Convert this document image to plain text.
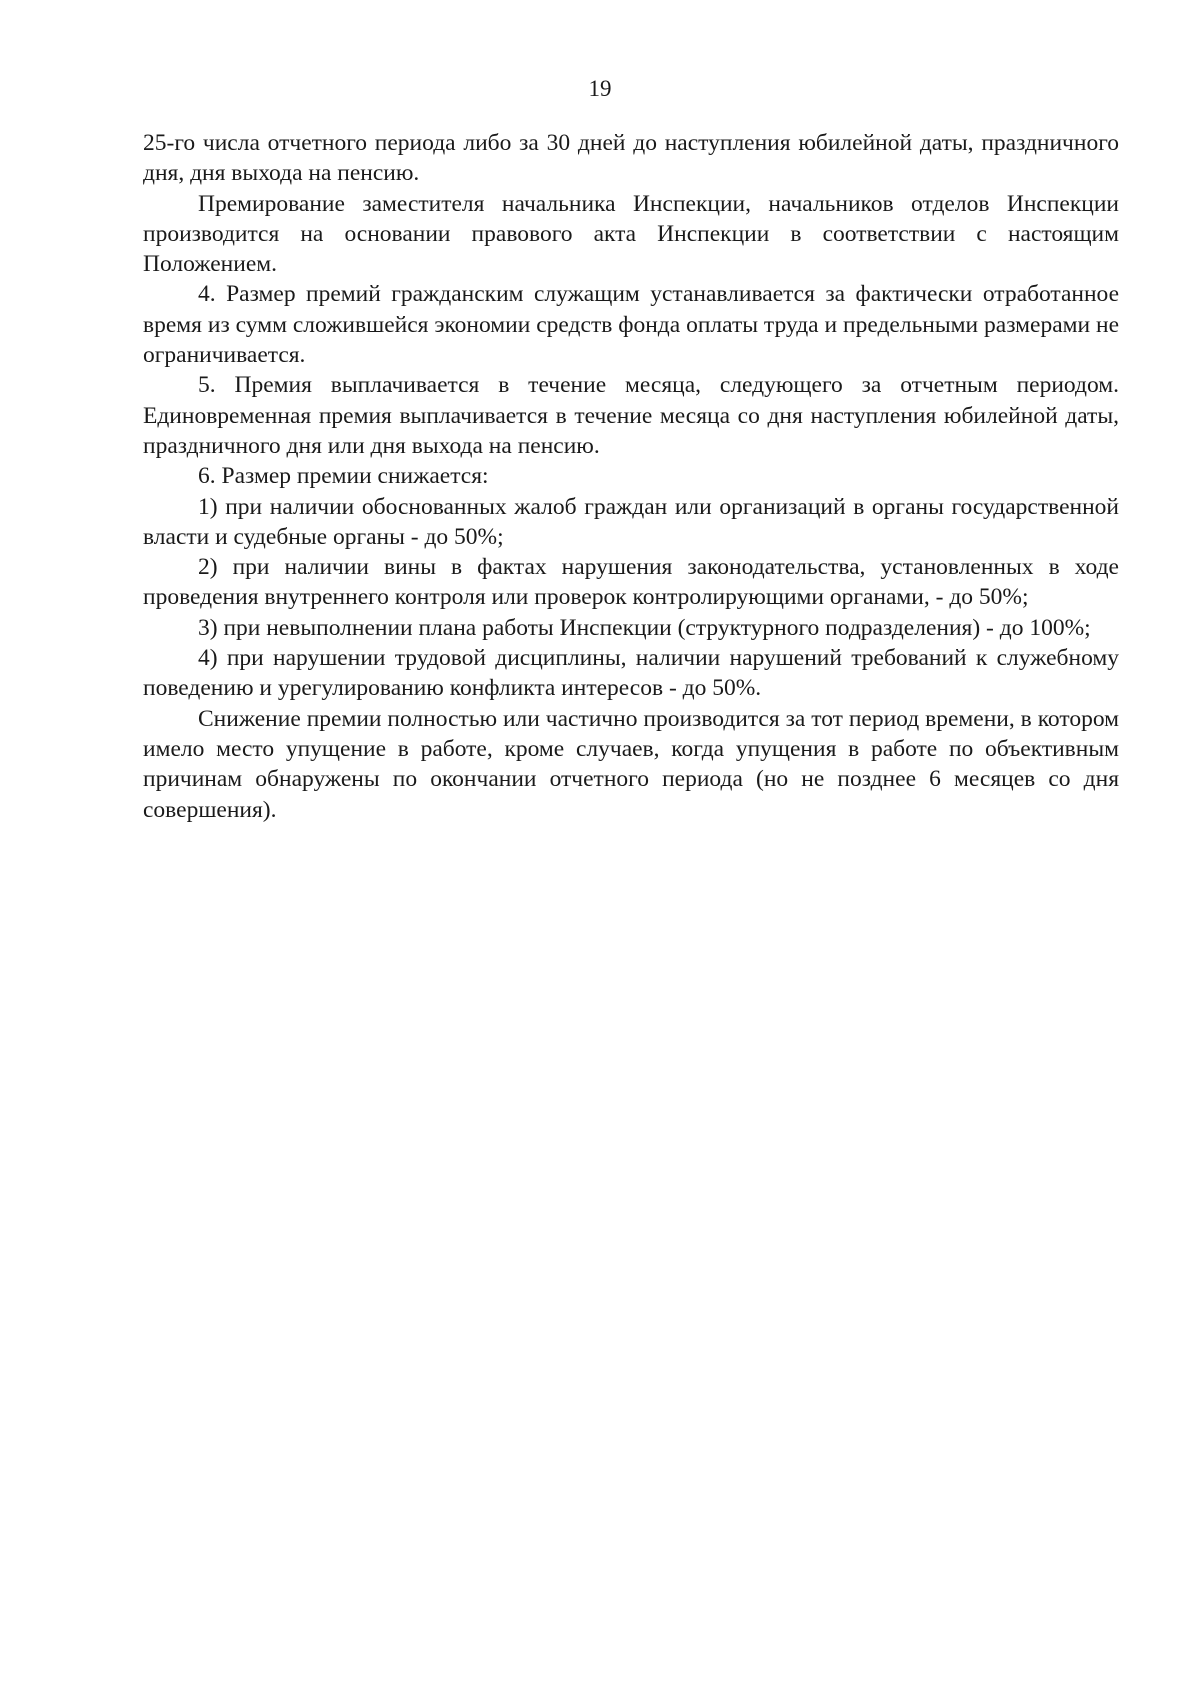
19

25-го числа отчетного периода либо за 30 дней до наступления юбилейной даты, праздничного дня, дня выхода на пенсию.

Премирование заместителя начальника Инспекции, начальников отделов Инспекции производится на основании правового акта Инспекции в соответствии с настоящим Положением.

4. Размер премий гражданским служащим устанавливается за фактически отработанное время из сумм сложившейся экономии средств фонда оплаты труда и предельными размерами не ограничивается.

5. Премия выплачивается в течение месяца, следующего за отчетным периодом. Единовременная премия выплачивается в течение месяца со дня наступления юбилейной даты, праздничного дня или дня выхода на пенсию.

6. Размер премии снижается:

1) при наличии обоснованных жалоб граждан или организаций в органы государственной власти и судебные органы - до 50%;

2) при наличии вины в фактах нарушения законодательства, установленных в ходе проведения внутреннего контроля или проверок контролирующими органами, - до 50%;

3) при невыполнении плана работы Инспекции (структурного подразделения) - до 100%;

4) при нарушении трудовой дисциплины, наличии нарушений требований к служебному поведению и урегулированию конфликта интересов - до 50%.

Снижение премии полностью или частично производится за тот период времени, в котором имело место упущение в работе, кроме случаев, когда упущения в работе по объективным причинам обнаружены по окончании отчетного периода (но не позднее 6 месяцев со дня совершения).
